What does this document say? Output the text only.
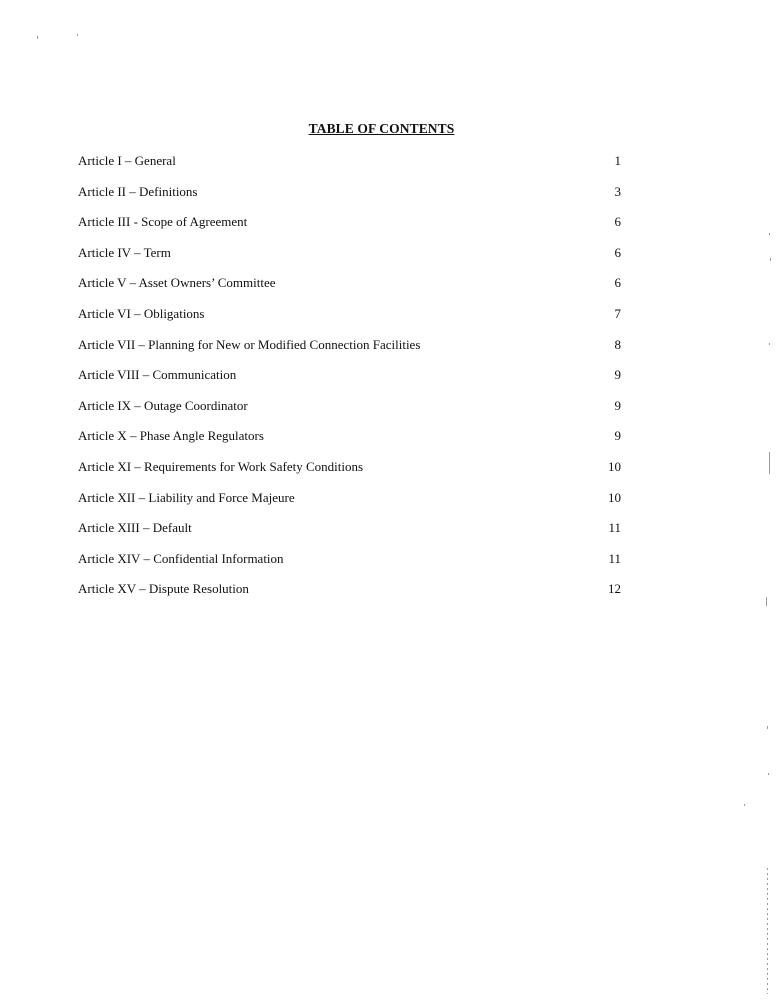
TABLE OF CONTENTS
Article I – General	1
Article II – Definitions	3
Article III - Scope of Agreement	6
Article IV – Term	6
Article V – Asset Owners’ Committee	6
Article VI – Obligations	7
Article VII – Planning for New or Modified Connection Facilities	8
Article VIII – Communication	9
Article IX – Outage Coordinator	9
Article X – Phase Angle Regulators	9
Article XI – Requirements for Work Safety Conditions	10
Article XII – Liability and Force Majeure	10
Article XIII – Default	11
Article XIV – Confidential Information	11
Article XV – Dispute Resolution	12
